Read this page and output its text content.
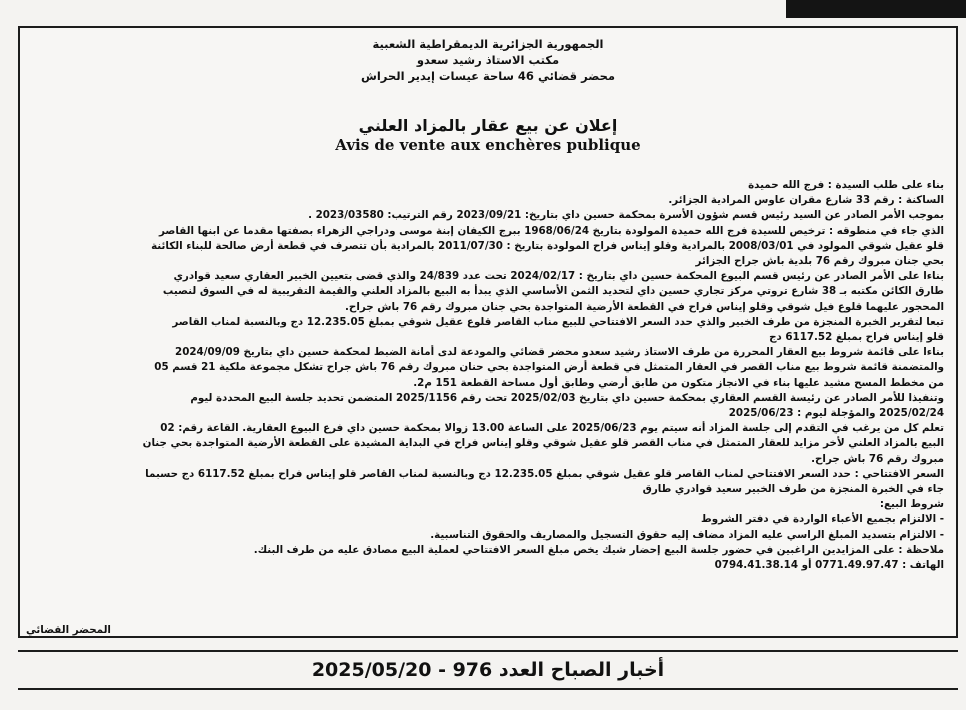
الجمهورية الجزائرية الديمقراطية الشعبية
مكتب الاستاذ رشيد سعدو
محضر قضائي 46 ساحة عيسات إيدير الحراش
إعلان عن بيع عقار بالمزاد العلني
Avis de vente aux enchères publique

بناء على طلب السيدة : فرج الله حميدة

الساكنة : رقم 33 شارع مقران عاوس المرادية الجزائر.

بموجب الأمر الصادر عن السيد رئيس قسم شؤون الأسرة بمحكمة حسين داي بتاريخ: 2023/09/21 رقم الترتيب: 2023/03580 .

الذي جاء في منطوقه : ترخيص للسيدة فرج الله حميدة المولودة بتاريخ 1968/06/24 ببرج الكيفان إبنة موسى ودراجي الزهراء بصفتها مقدما عن ابنها القاصر

قلو عقيل شوقي المولود في 2008/03/01 بالمرادية وقلو إيناس فراح المولودة بتاريخ : 2011/07/30 بالمرادية بأن تتصرف في قطعة أرض صالحة للبناء الكائنة

بحي جنان مبروك رقم 76 بلدية باش جراح الجزائر

بناءا على الأمر الصادر عن رئيس قسم البيوع المحكمة حسين داي بتاريخ : 2024/02/17 تحت عدد 24/839 والذي قضى بتعيين الخبير العقاري سعيد قوادري

طارق الكائن مكتبه بـ 38 شارع تروتي مركز تجاري حسين داي لتحديد الثمن الأساسي الذي يبدأ به البيع بالمزاد العلني والقيمة التقريبية له في السوق لنصيب

المحجور عليهما قلوع فيل شوقي وقلو إيناس فراح في القطعة الأرضية المتواجدة بحي جنان مبروك رقم 76 باش جراح.

تبعا لتقرير الخبرة المنجزة من طرف الخبير والذي حدد السعر الافتتاحي للبيع مناب القاصر قلوع عقيل شوقي بمبلغ 12.235.05 دج وبالنسبة لمناب القاصر

قلو إيناس فراح بمبلغ 6117.52 دج

بناءا على قائمة شروط بيع العقار المحررة من طرف الاستاذ رشيد سعدو محضر قضائي والمودعة لدى أمانة الضبط لمحكمة حسين داي بتاريخ 2024/09/09

والمتضمنة قائمة شروط بيع مناب القصر في العقار المتمثل في قطعة أرض المتواجدة بحي حنان مبروك رقم 76 باش جراح تشكل مجموعة ملكية 21 قسم 05

من مخطط المسح مشيد عليها بناء في الانجاز متكون من طابق أرضي وطابق أول مساحة القطعة 151 م2.

وتنفيذا للأمر الصادر عن رئيسة القسم العقاري بمحكمة حسين داي بتاريخ 2025/02/03 تحت رقم 2025/1156 المتضمن تحديد جلسة البيع المحددة ليوم

2025/02/24 والمؤجلة ليوم : 2025/06/23

تعلم كل من يرغب في التقدم إلى جلسة المزاد أنه سيتم يوم 2025/06/23 على الساعة 13.00 زوالا بمحكمة حسين داي فرع البيوع العقارية. القاعة رقم: 02

البيع بالمزاد العلني لأخر مزايد للعقار المتمثل في مناب القصر قلو عقيل شوقي وقلو إيناس فراح في البداية المشيدة على القطعة الأرضية المتواجدة بحي جنان

مبروك رقم 76 باش جراح.

السعر الافتتاحي : حدد السعر الافتتاحي لمناب القاصر قلو عقيل شوقي بمبلغ 12.235.05 دج وبالنسبة لمناب القاصر قلو إيناس فراح بمبلغ 6117.52 دج حسبما

جاء في الخبرة المنجزة من طرف الخبير سعيد قوادري طارق

شروط البيع:

- الالتزام بجميع الأعباء الواردة في دفتر الشروط

- الالتزام بتسديد المبلغ الراسي عليه المزاد مضاف إليه حقوق التسجيل والمصاريف والحقوق التناسبية.

ملاحظة : على المزايدين الراغبين في حضور جلسة البيع إحضار شيك يخص مبلغ السعر الافتتاحي لعملية البيع مصادق عليه من طرف البنك.

الهاتف : 0771.49.97.47 أو 0794.41.38.14

المحضر القضائي
أخبار الصباح العدد 976 - 2025/05/20
